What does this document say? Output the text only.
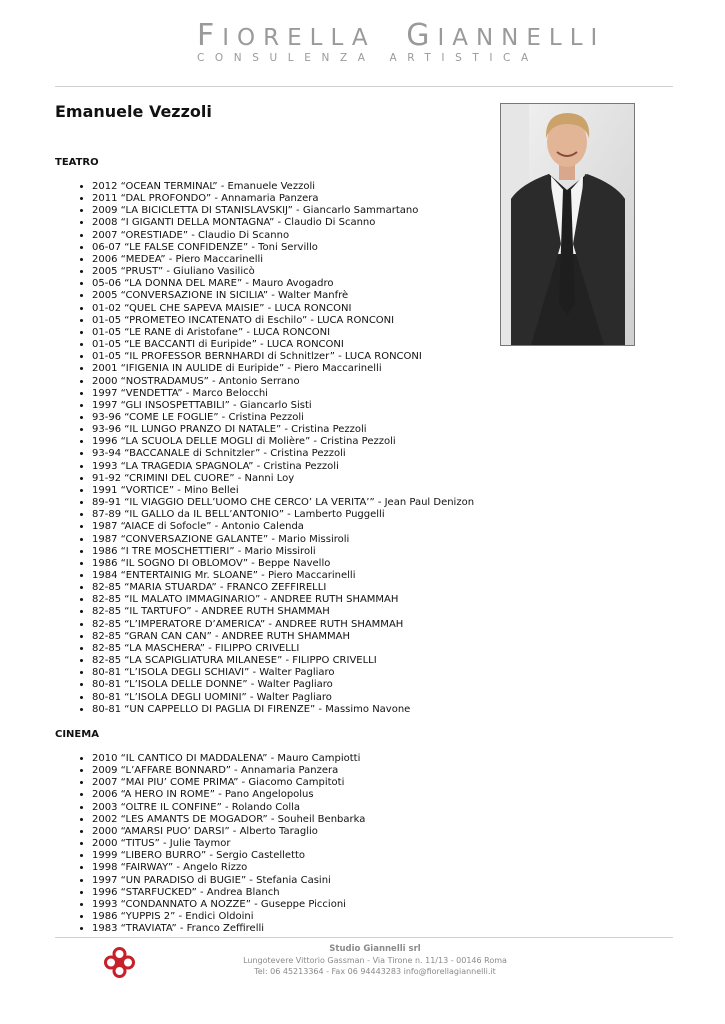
FIORELLA GIANNELLI
CONSULENZA ARTISTICA
Emanuele Vezzoli
TEATRO
• 2012 “OCEAN TERMINAL” - Emanuele Vezzoli
• 2011 “DAL PROFONDO” - Annamaria Panzera
• 2009 “LA BICICLETTA DI STANISLAVSKIJ” - Giancarlo Sammartano
• 2008 “I GIGANTI DELLA MONTAGNA” - Claudio Di Scanno
• 2007 “ORESTIADE” - Claudio Di Scanno
• 06-07 “LE FALSE CONFIDENZE” - Toni Servillo
• 2006 “MEDEA” - Piero Maccarinelli
• 2005 “PRUST” - Giuliano Vasilicò
• 05-06 “LA DONNA DEL MARE” - Mauro Avogadro
• 2005 “CONVERSAZIONE IN SICILIA” - Walter Manfrè
• 01-02 “QUEL CHE SAPEVA MAISIE” - LUCA RONCONI
• 01-05 “PROMETEO INCATENATO di Eschilo” - LUCA RONCONI
• 01-05 “LE RANE di Aristofane” - LUCA RONCONI
• 01-05 “LE BACCANTI di Euripide” - LUCA RONCONI
• 01-05 “IL PROFESSOR BERNHARDI di Schnitlzer” - LUCA RONCONI
• 2001 “IFIGENIA IN AULIDE di Euripide” - Piero Maccarinelli
• 2000 “NOSTRADAMUS” - Antonio Serrano
• 1997 “VENDETTA” - Marco Belocchi
• 1997 “GLI INSOSPETTABILI” - Giancarlo Sisti
• 93-96 “COME LE FOGLIE” - Cristina Pezzoli
• 93-96 “IL LUNGO PRANZO DI NATALE” - Cristina Pezzoli
• 1996 “LA SCUOLA DELLE MOGLI di Molière” - Cristina Pezzoli
• 93-94 “BACCANALE di Schnitzler” - Cristina Pezzoli
• 1993 “LA TRAGEDIA SPAGNOLA” - Cristina Pezzoli
• 91-92 “CRIMINI DEL CUORE” - Nanni Loy
• 1991 “VORTICE” - Mino Bellei
• 89-91 “IL VIAGGIO DELL’UOMO CHE CERCO’ LA VERITA’” - Jean Paul Denizon
• 87-89 “IL GALLO da IL BELL’ANTONIO” - Lamberto Puggelli
• 1987 “AIACE di Sofocle” - Antonio Calenda
• 1987 “CONVERSAZIONE GALANTE” - Mario Missiroli
• 1986 “I TRE MOSCHETTIERI” - Mario Missiroli
• 1986 “IL SOGNO DI OBLOMOV” - Beppe Navello
• 1984 “ENTERTAINIG Mr. SLOANE” - Piero Maccarinelli
• 82-85 “MARIA STUARDA” - FRANCO ZEFFIRELLI
• 82-85 “IL MALATO IMMAGINARIO” - ANDREE RUTH SHAMMAH
• 82-85 “IL TARTUFO” - ANDREE RUTH SHAMMAH
• 82-85 “L’IMPERATORE D’AMERICA” - ANDREE RUTH SHAMMAH
• 82-85 “GRAN CAN CAN” - ANDREE RUTH SHAMMAH
• 82-85 “LA MASCHERA” - FILIPPO CRIVELLI
• 82-85 “LA SCAPIGLIATURA MILANESE” - FILIPPO CRIVELLI
• 80-81 “L’ISOLA DEGLI SCHIAVI” - Walter Pagliaro
• 80-81 “L’ISOLA DELLE DONNE” - Walter Pagliaro
• 80-81 “L’ISOLA DEGLI UOMINI” - Walter Pagliaro
• 80-81 “UN CAPPELLO DI PAGLIA DI FIRENZE” - Massimo Navone
CINEMA
• 2010 “IL CANTICO DI MADDALENA” - Mauro Campiotti
• 2009 “L’AFFARE BONNARD” - Annamaria Panzera
• 2007 “MAI PIU’ COME PRIMA” - Giacomo Campitoti
• 2006 “A HERO IN ROME” - Pano Angelopolus
• 2003 “OLTRE IL CONFINE” - Rolando Colla
• 2002 “LES AMANTS DE MOGADOR” - Souheil Benbarka
• 2000 “AMARSI PUO’ DARSI” - Alberto Taraglio
• 2000 “TITUS” - Julie Taymor
• 1999 “LIBERO BURRO” - Sergio Castelletto
• 1998 “FAIRWAY” - Angelo Rizzo
• 1997 “UN PARADISO di BUGIE” - Stefania Casini
• 1996 “STARFUCKED” - Andrea Blanch
• 1993 “CONDANNATO A NOZZE” - Guseppe Piccioni
• 1986 “YUPPIS 2” - Endici Oldoini
• 1983 “TRAVIATA” - Franco Zeffirelli
Studio Giannelli srl
Lungotevere Vittorio Gassman - Via Tirone n. 11/13 - 00146 Roma
Tel: 06 45213364 - Fax 06 94443283 info@fiorellagiannelli.it
